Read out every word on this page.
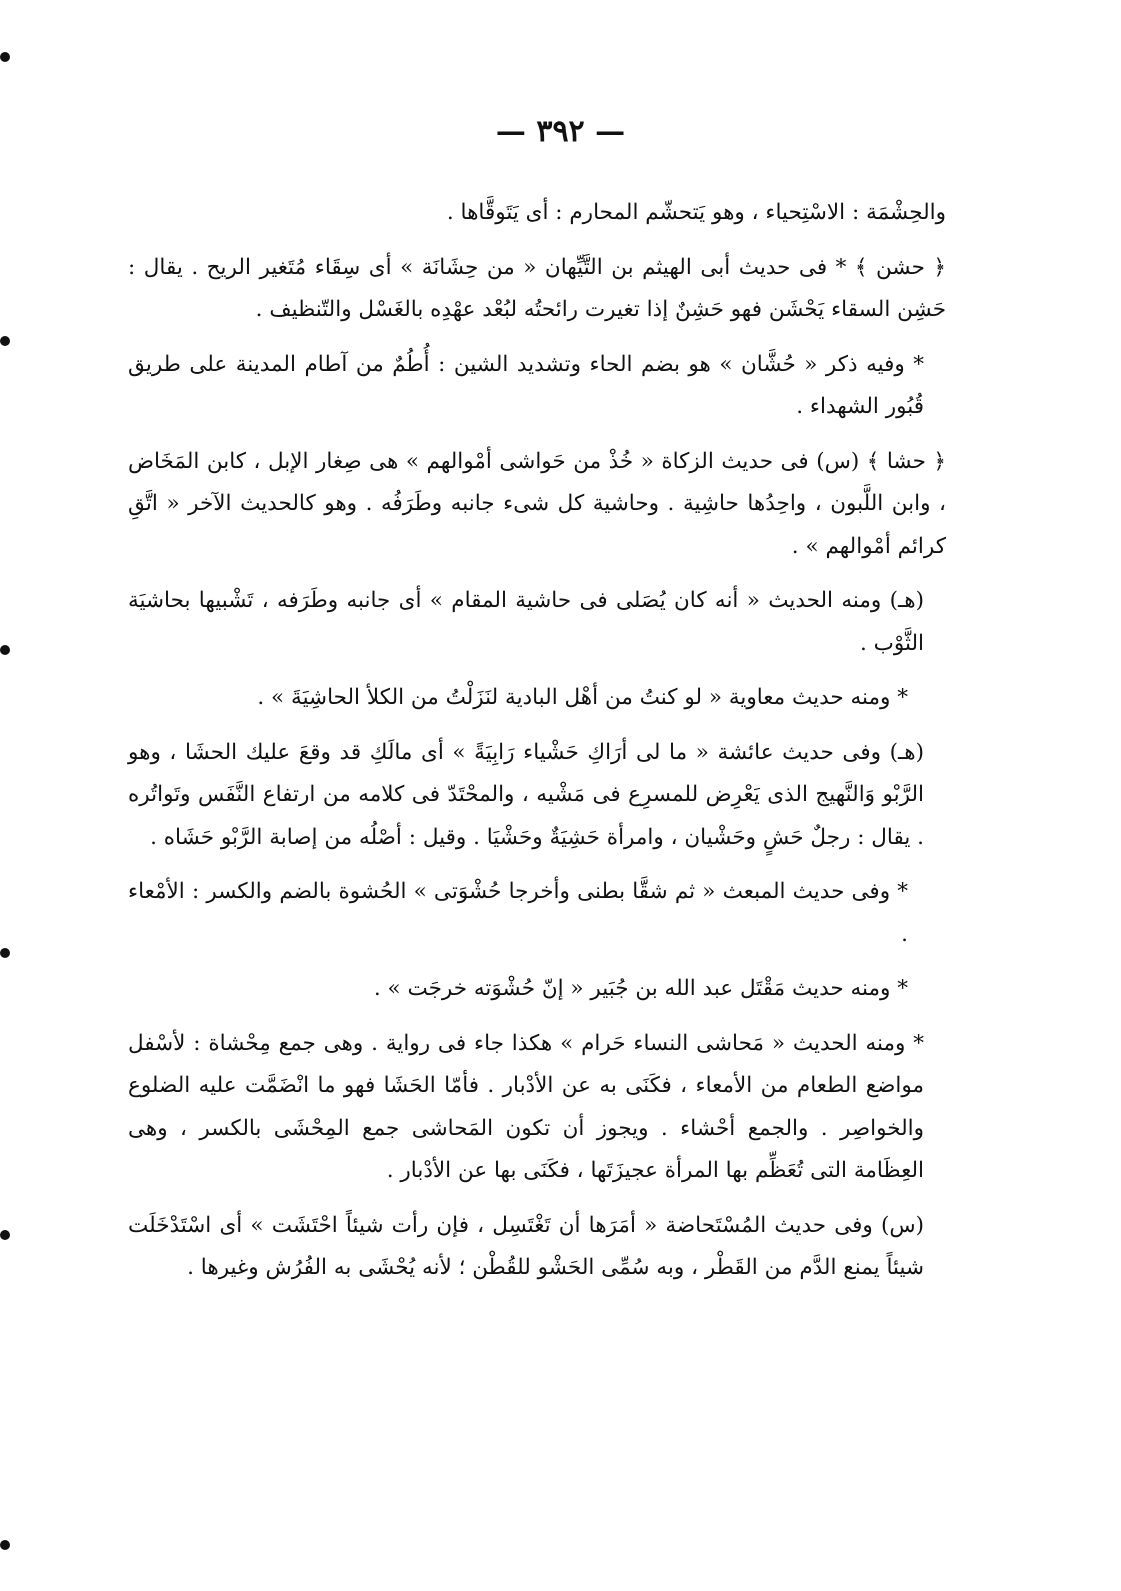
— ٣٩٢ —

والحِشْمَة : الاسْتِحياء ، وهو يَتحشّم المحارم : أى يَتَوقَّاها .

﴿ حشن ﴾ * فى حديث أبى الهيثم بن التَّيِّهان « من حِشَانَة » أى سِقَاء مُتَغير الريح . يقال : حَشِن السقاء يَحْشَن فهو حَشِنٌ إذا تغيرت رائحتُه لبُعْد عهْدِه بالغَسْل والتّنظيف .

* وفيه ذكر « حُشَّان » هو بضم الحاء وتشديد الشين : أُطُمٌ من آطام المدينة على طريق قُبُور الشهداء .

﴿ حشا ﴾ (س) فى حديث الزكاة « خُذْ من حَواشى أمْوالهم » هى صِغار الإبل ، كابن المَخَاض ، وابن اللَّبون ، واحِدُها حاشِية . وحاشية كل شىء جانبه وطَرَفُه . وهو كالحديث الآخر « اتَّقِ كرائم أمْوالهم » .

(هـ) ومنه الحديث « أنه كان يُصَلى فى حاشية المقام » أى جانبه وطَرَفه ، تَشْبيها بحاشيَة الثَّوْب .

* ومنه حديث معاوية « لو كنتُ من أهْل البادية لنَزَلْتُ من الكلأ الحاشِيَةَ » .

(هـ) وفى حديث عائشة « ما لى أرَاكِ حَشْياء رَابِيَةً » أى مالَكِ قد وقعَ عليك الحشَا ، وهو الرَّبْو وَالنَّهيج الذى يَعْرِض للمسرِع فى مَشْيه ، والمحْتَدّ فى كلامه من ارتفاع النَّفَس وتَواتُره . يقال : رجلٌ حَشٍ وحَشْيان ، وامرأة حَشِيَةٌ وحَشْيَا . وقيل : أصْلُه من إصابة الرَّبْو حَشَاه .

* وفى حديث المبعث « ثم شقَّا بطنى وأخرجا حُشْوَتى » الحُشوة بالضم والكسر : الأمْعاء .

* ومنه حديث مَقْتَل عبد الله بن جُبَير « إنّ حُشْوَته خرجَت » .

* ومنه الحديث « مَحاشى النساء حَرام » هكذا جاء فى رواية . وهى جمع مِحْشاة : لأسْفل مواضع الطعام من الأمعاء ، فكَنَى به عن الأدْبار . فأمّا الحَشَا فهو ما انْضَمَّت عليه الضلوع والخواصِر . والجمع أحْشاء . ويجوز أن تكون المَحاشى جمع المِحْشَى بالكسر ، وهى العِظَامة التى تُعَظِّم بها المرأة عجيزَتَها ، فكَنَى بها عن الأدْبار .

(س) وفى حديث المُسْتَحاضة « أمَرَها أن تَغْتَسِل ، فإن رأت شيئاً احْتَشَت » أى اسْتَدْخَلَت شيئاً يمنع الدَّم من القَطْر ، وبه سُمِّى الحَشْو للقُطْن ؛ لأنه يُحْشَى به الفُرُش وغيرها .
